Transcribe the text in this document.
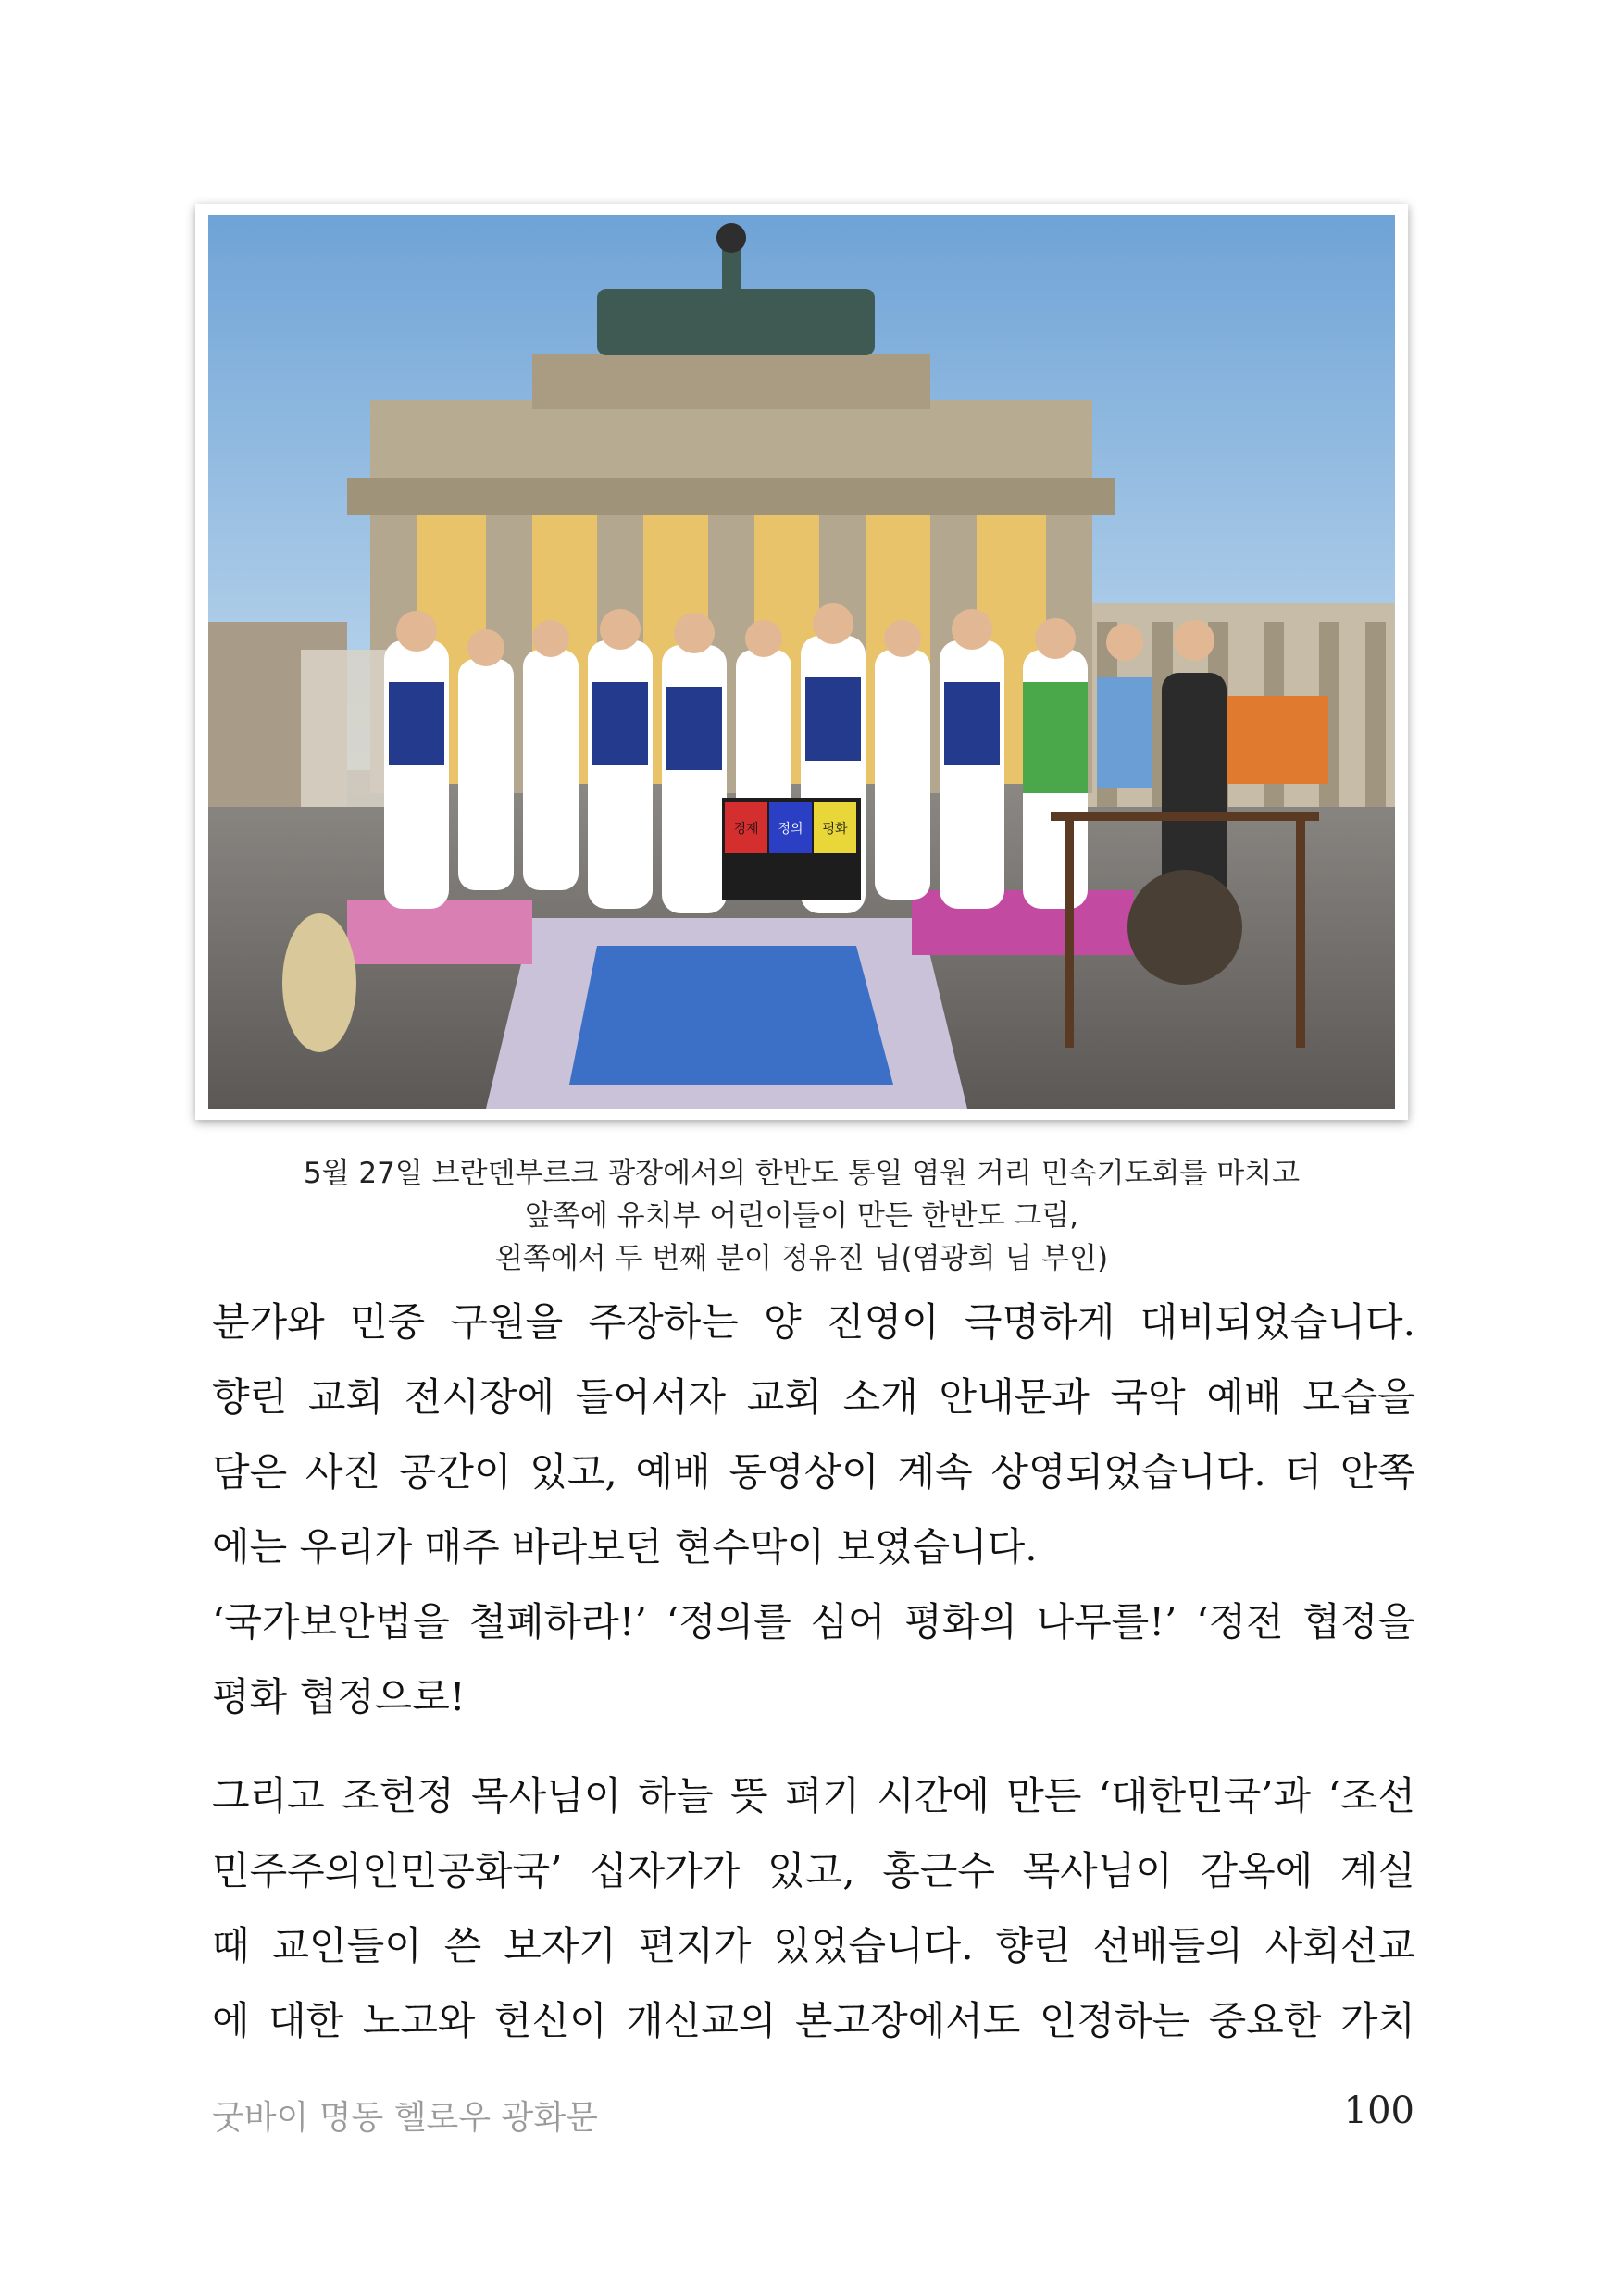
경제 정의 평화
5월 27일 브란덴부르크 광장에서의 한반도 통일 염원 거리 민속기도회를 마치고
앞쪽에 유치부 어린이들이 만든 한반도 그림,
왼쪽에서 두 번째 분이 정유진 님(염광희 님 부인)
분가와 민중 구원을 주장하는 양 진영이 극명하게 대비되었습니다.
향린 교회 전시장에 들어서자 교회 소개 안내문과 국악 예배 모습을
담은 사진 공간이 있고, 예배 동영상이 계속 상영되었습니다. 더 안쪽
에는 우리가 매주 바라보던 현수막이 보였습니다.
‘국가보안법을 철폐하라!’ ‘정의를 심어 평화의 나무를!’ ‘정전 협정을
평화 협정으로!
그리고 조헌정 목사님이 하늘 뜻 펴기 시간에 만든 ‘대한민국’과 ‘조선
민주주의인민공화국’ 십자가가 있고, 홍근수 목사님이 감옥에 계실
때 교인들이 쓴 보자기 편지가 있었습니다. 향린 선배들의 사회선교
에 대한 노고와 헌신이 개신교의 본고장에서도 인정하는 중요한 가치
굿바이 명동 헬로우 광화문	100
